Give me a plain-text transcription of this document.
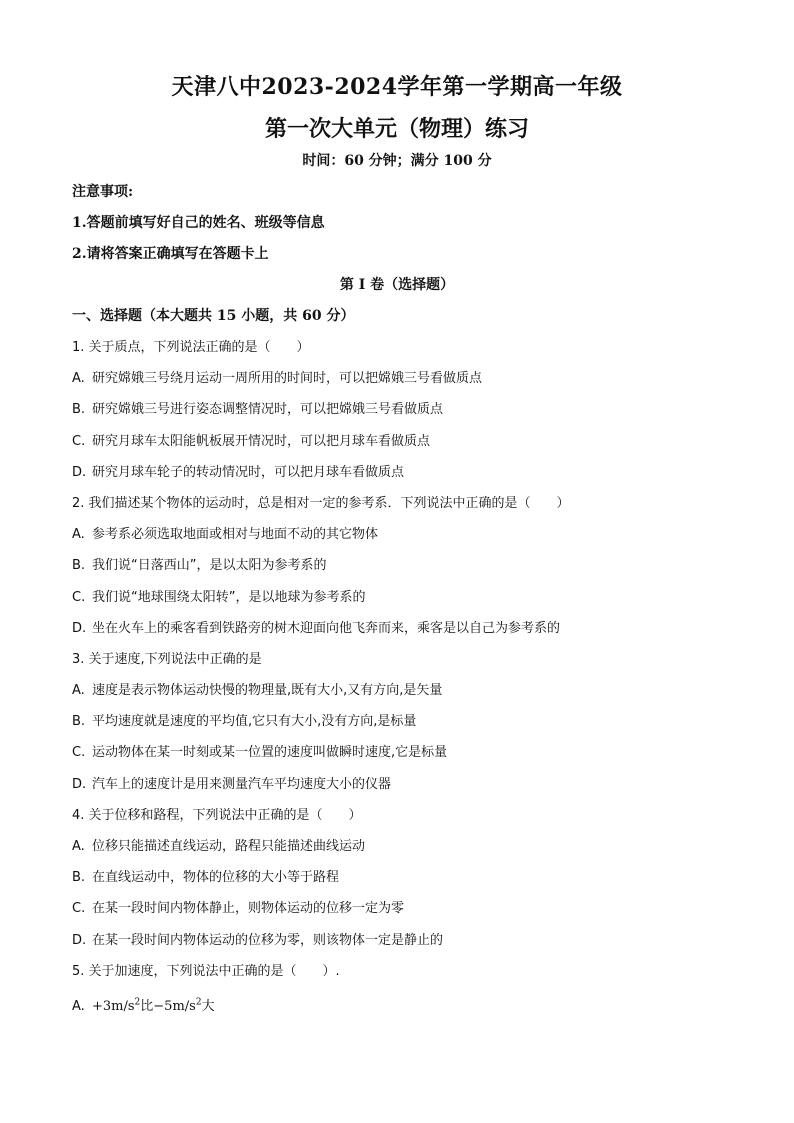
天津八中2023-2024学年第一学期高一年级
第一次大单元（物理）练习
时间：60 分钟；满分 100 分
注意事项:
1.答题前填写好自己的姓名、班级等信息
2.请将答案正确填写在答题卡上
第 I 卷（选择题）
一、选择题（本大题共 15 小题，共 60 分）
1. 关于质点，下列说法正确的是（　　）
A. 研究嫦娥三号绕月运动一周所用的时间时，可以把嫦娥三号看做质点
B. 研究嫦娥三号进行姿态调整情况时，可以把嫦娥三号看做质点
C. 研究月球车太阳能帆板展开情况时，可以把月球车看做质点
D. 研究月球车轮子的转动情况时，可以把月球车看做质点
2. 我们描述某个物体的运动时，总是相对一定的参考系．下列说法中正确的是（　　）
A. 参考系必须选取地面或相对与地面不动的其它物体
B. 我们说“日落西山”，是以太阳为参考系的
C. 我们说“地球围绕太阳转”，是以地球为参考系的
D. 坐在火车上的乘客看到铁路旁的树木迎面向他飞奔而来，乘客是以自己为参考系的
3. 关于速度,下列说法中正确的是
A. 速度是表示物体运动快慢的物理量,既有大小,又有方向,是矢量
B. 平均速度就是速度的平均值,它只有大小,没有方向,是标量
C. 运动物体在某一时刻或某一位置的速度叫做瞬时速度,它是标量
D. 汽车上的速度计是用来测量汽车平均速度大小的仪器
4. 关于位移和路程，下列说法中正确的是（　　）
A. 位移只能描述直线运动，路程只能描述曲线运动
B. 在直线运动中，物体的位移的大小等于路程
C. 在某一段时间内物体静止，则物体运动的位移一定为零
D. 在某一段时间内物体运动的位移为零，则该物体一定是静止的
5. 关于加速度，下列说法中正确的是（　　）.
A. $+3m/s^2$比$-5m/s^2$大
